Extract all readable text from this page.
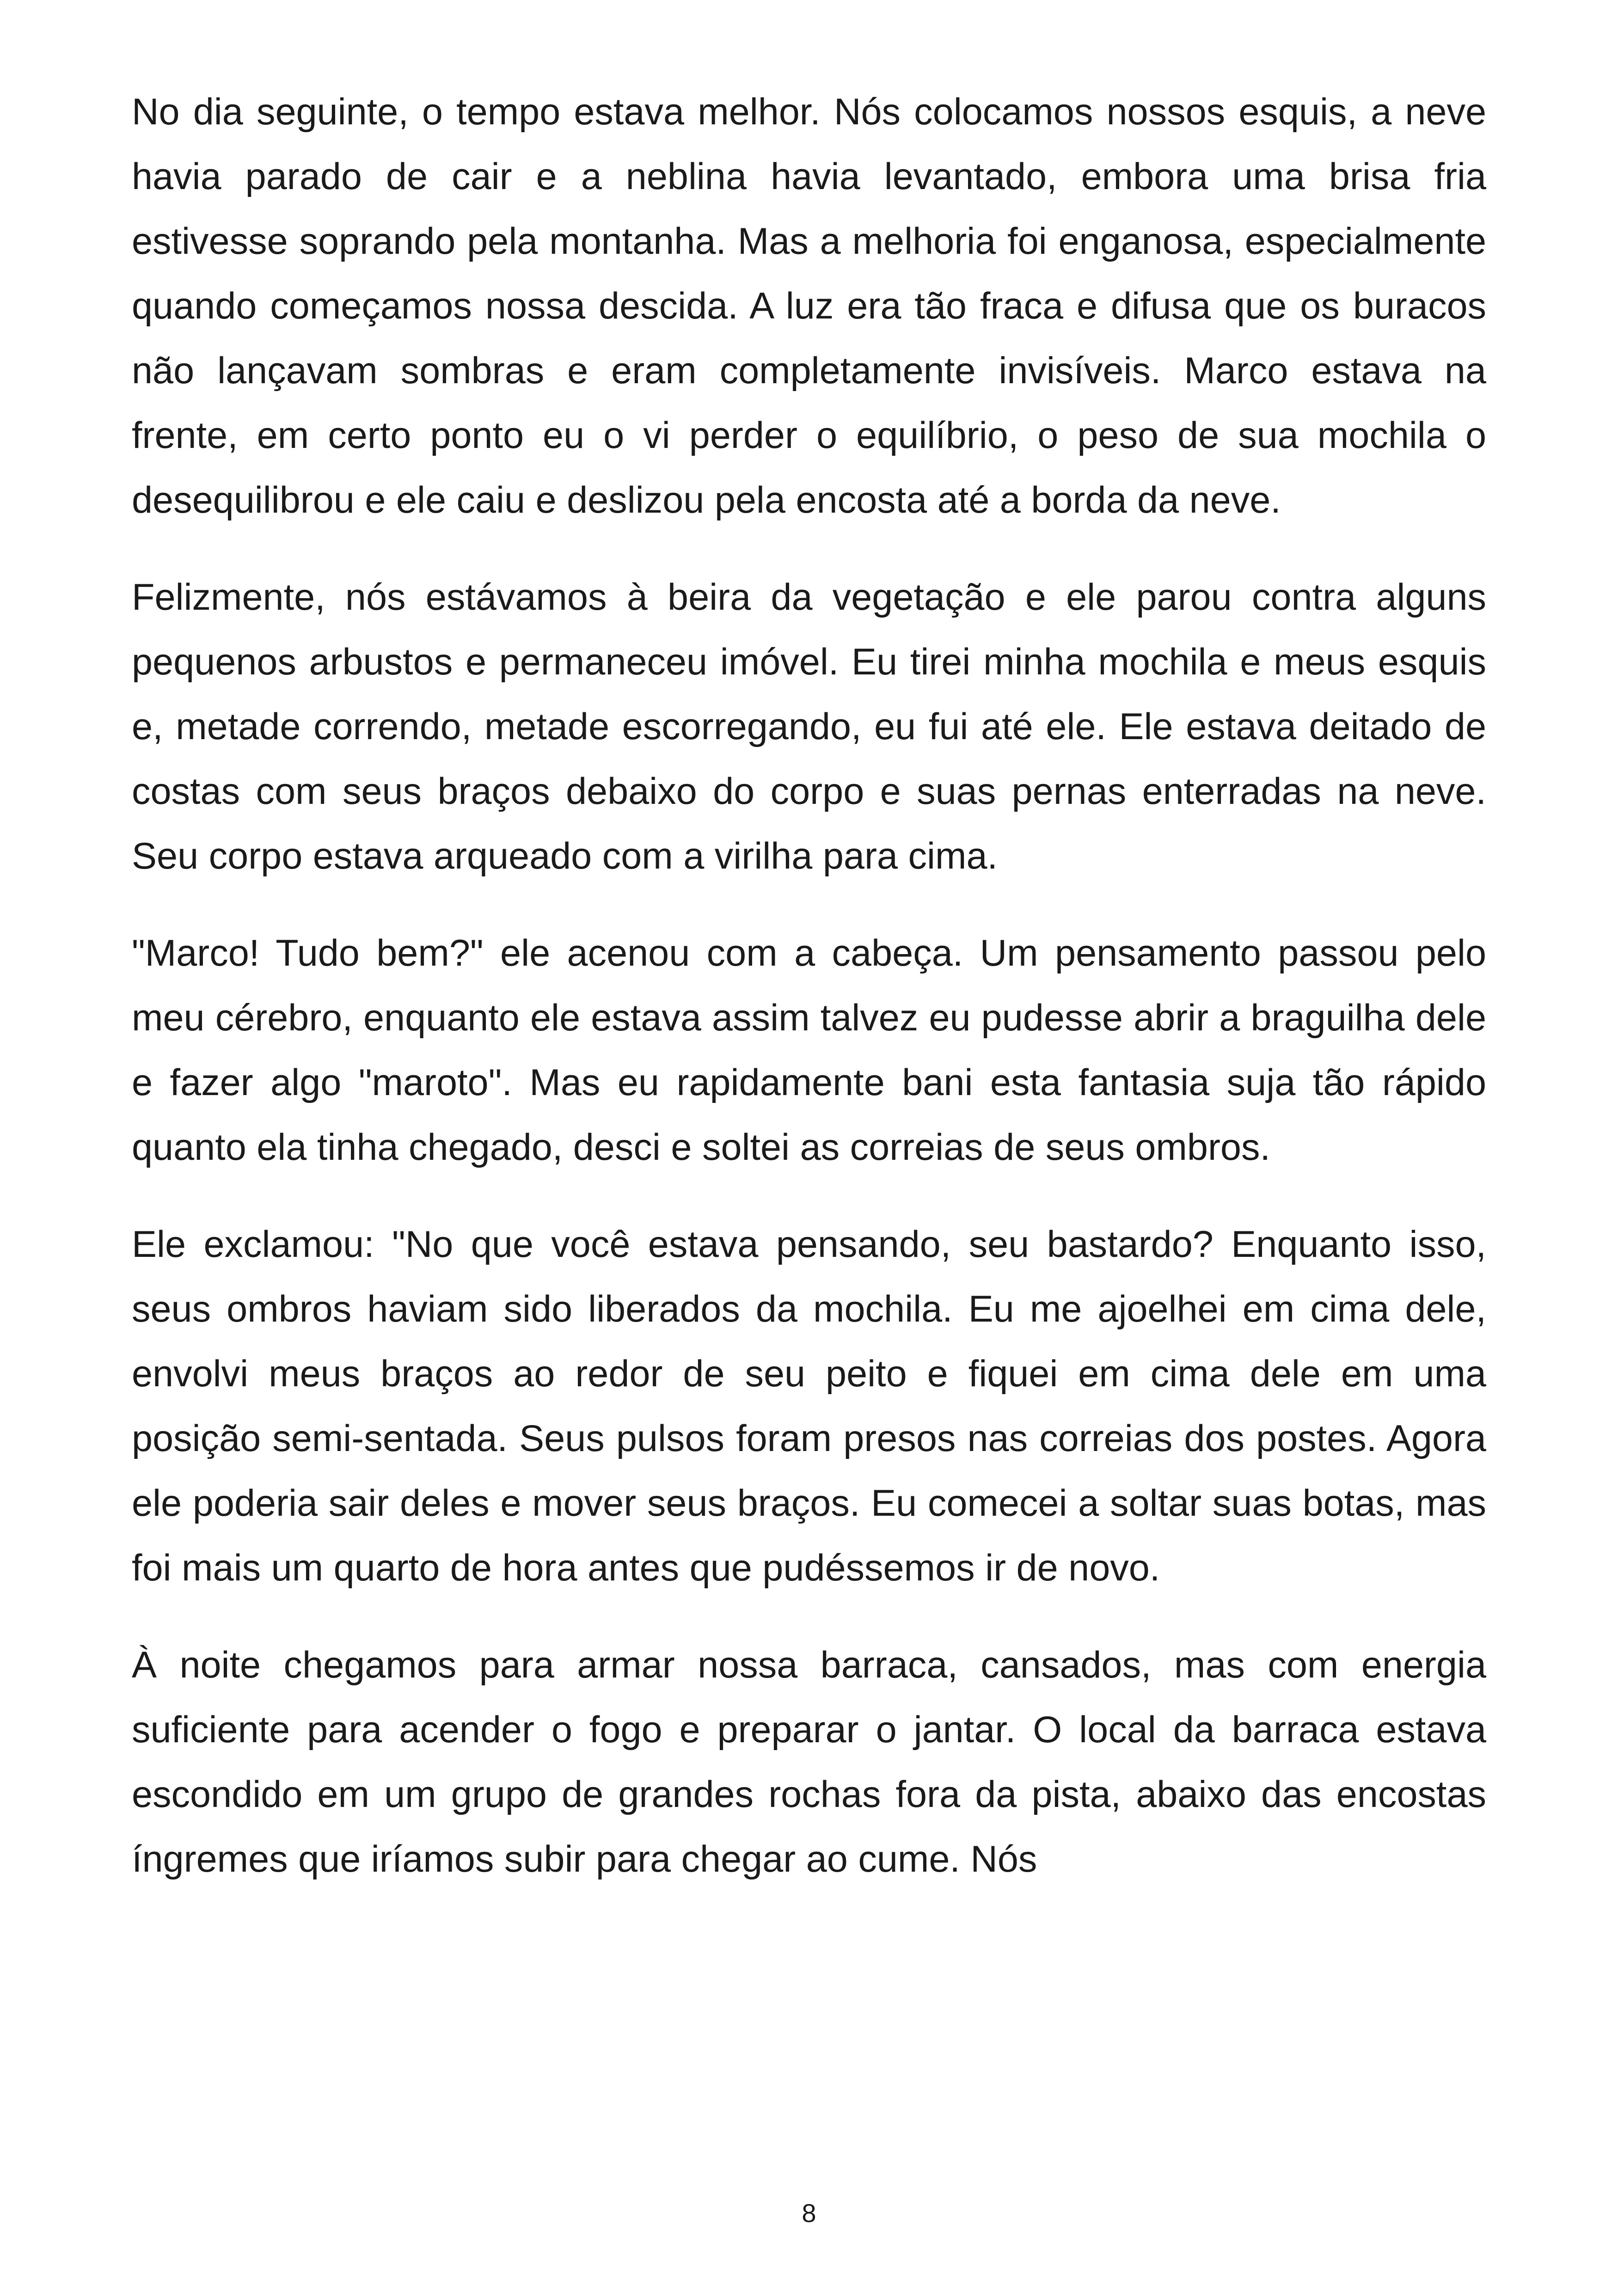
No dia seguinte, o tempo estava melhor. Nós colocamos nossos esquis, a neve havia parado de cair e a neblina havia levantado, embora uma brisa fria estivesse soprando pela montanha. Mas a melhoria foi enganosa, especialmente quando começamos nossa descida. A luz era tão fraca e difusa que os buracos não lançavam sombras e eram completamente invisíveis. Marco estava na frente, em certo ponto eu o vi perder o equilíbrio, o peso de sua mochila o desequilibrou e ele caiu e deslizou pela encosta até a borda da neve.

Felizmente, nós estávamos à beira da vegetação e ele parou contra alguns pequenos arbustos e permaneceu imóvel. Eu tirei minha mochila e meus esquis e, metade correndo, metade escorregando, eu fui até ele. Ele estava deitado de costas com seus braços debaixo do corpo e suas pernas enterradas na neve. Seu corpo estava arqueado com a virilha para cima.

"Marco! Tudo bem?" ele acenou com a cabeça. Um pensamento passou pelo meu cérebro, enquanto ele estava assim talvez eu pudesse abrir a braguilha dele e fazer algo "maroto". Mas eu rapidamente bani esta fantasia suja tão rápido quanto ela tinha chegado, desci e soltei as correias de seus ombros.

Ele exclamou: "No que você estava pensando, seu bastardo? Enquanto isso, seus ombros haviam sido liberados da mochila. Eu me ajoelhei em cima dele, envolvi meus braços ao redor de seu peito e fiquei em cima dele em uma posição semi-sentada. Seus pulsos foram presos nas correias dos postes. Agora ele poderia sair deles e mover seus braços. Eu comecei a soltar suas botas, mas foi mais um quarto de hora antes que pudéssemos ir de novo.

À noite chegamos para armar nossa barraca, cansados, mas com energia suficiente para acender o fogo e preparar o jantar. O local da barraca estava escondido em um grupo de grandes rochas fora da pista, abaixo das encostas íngremes que iríamos subir para chegar ao cume. Nós

8
